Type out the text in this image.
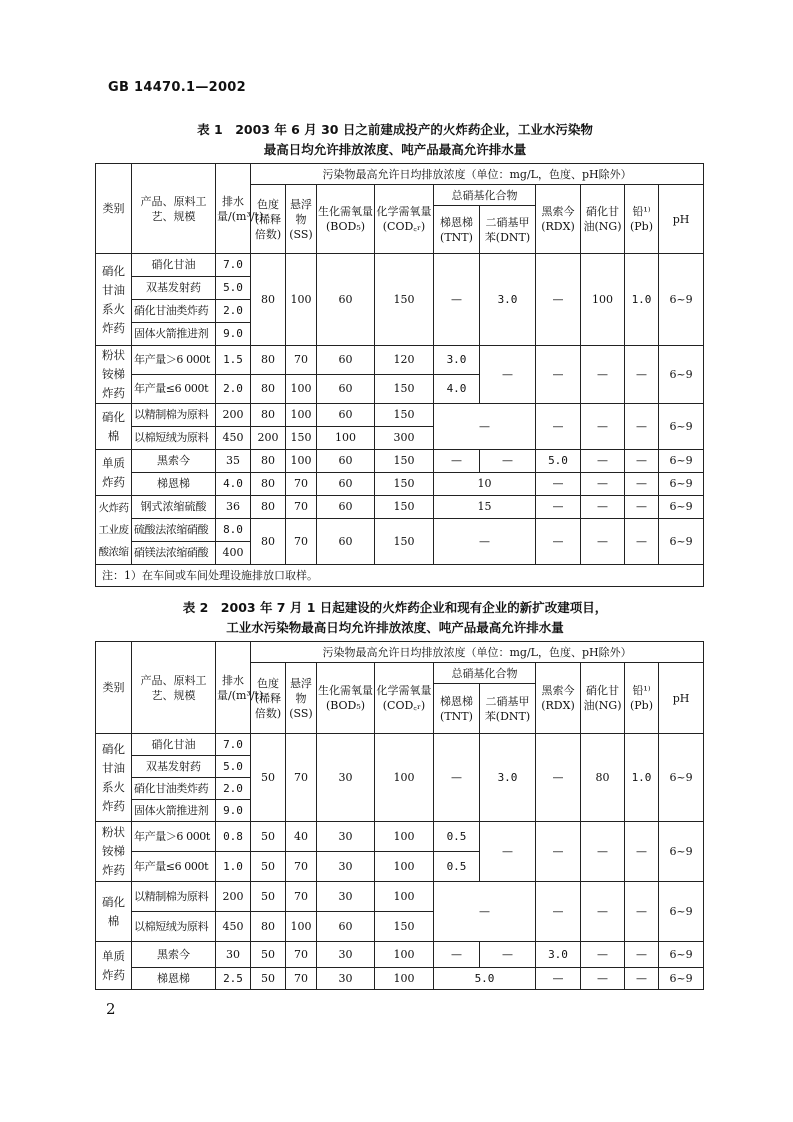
GB 14470.1—2002
表 1　2003 年 6 月 30 日之前建成投产的火炸药企业，工业水污染物
最高日均允许排放浓度、吨产品最高允许排水量
类别	产品、原料工艺、规模	排水量/(m³/t)	污染物最高允许日均排放浓度（单位：mg/L，色度、pH除外）									
			色度(稀释倍数)	悬浮物(SS)	生化需氧量(BOD₅)	化学需氧量(COD꜀ᵣ)	总硝基化合物		黑索今(RDX)	硝化甘油(NG)	铅¹⁾(Pb)	pH
							梯恩梯(TNT)	二硝基甲苯(DNT)				
硝化甘油系火炸药	硝化甘油	7.0	80	100	60	150	—	3.0	—	100	1.0	6~9
	双基发射药	5.0										
	硝化甘油类炸药	2.0										
	固体火箭推进剂	9.0										
粉状铵梯炸药	年产量＞6 000t	1.5	80	70	60	120	3.0	—	—	—	—	6~9
	年产量≤6 000t	2.0	80	100	60	150	4.0					
硝化棉	以精制棉为原料	200	80	100	60	150	—		—	—	—	6~9
	以棉短绒为原料	450	200	150	100	300						
单质炸药	黑索今	35	80	100	60	150	—	—	5.0	—	—	6~9
	梯恩梯	4.0	80	70	60	150	10		—	—	—	6~9
火炸药工业废酸浓缩	钢式浓缩硫酸	36	80	70	60	150	15		—	—	—	6~9
	硫酸法浓缩硝酸	8.0	80	70	60	150	—		—	—	—	6~9
	硝镁法浓缩硝酸	400										
注：1）在车间或车间处理设施排放口取样。												
表 2　2003 年 7 月 1 日起建设的火炸药企业和现有企业的新扩改建项目，
工业水污染物最高日均允许排放浓度、吨产品最高允许排水量
类别	产品、原料工艺、规模	排水量/(m³/t)	污染物最高允许日均排放浓度（单位：mg/L，色度、pH除外）									
			色度(稀释倍数)	悬浮物(SS)	生化需氧量(BOD₅)	化学需氧量(COD꜀ᵣ)	总硝基化合物		黑索今(RDX)	硝化甘油(NG)	铅¹⁾(Pb)	pH
							梯恩梯(TNT)	二硝基甲苯(DNT)				
硝化甘油系火炸药	硝化甘油	7.0	50	70	30	100	—	3.0	—	80	1.0	6~9
	双基发射药	5.0										
	硝化甘油类炸药	2.0										
	固体火箭推进剂	9.0										
粉状铵梯炸药	年产量＞6 000t	0.8	50	40	30	100	0.5	—	—	—	—	6~9
	年产量≤6 000t	1.0	50	70	30	100	0.5					
硝化棉	以精制棉为原料	200	50	70	30	100	—		—	—	—	6~9
	以棉短绒为原料	450	80	100	60	150						
单质炸药	黑索今	30	50	70	30	100	—	—	3.0	—	—	6~9
	梯恩梯	2.5	50	70	30	100	5.0		—	—	—	6~9
2
